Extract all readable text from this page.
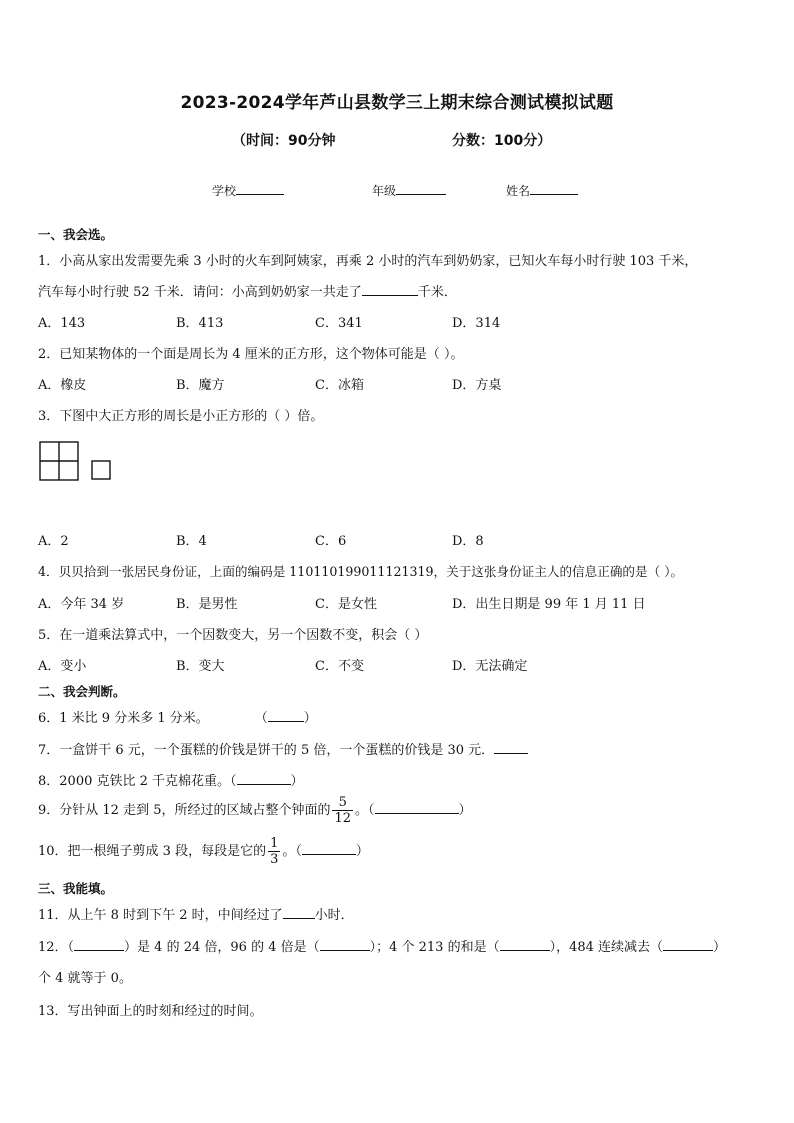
2023-2024学年芦山县数学三上期末综合测试模拟试题
（时间：90分钟	分数：100分）
学校	年级	姓名
一、我会选。
1．小高从家出发需要先乘 3 小时的火车到阿姨家，再乘 2 小时的汽车到奶奶家，已知火车每小时行驶 103 千米，
汽车每小时行驶 52 千米．请问：小高到奶奶家一共走了	千米．
A．143	B．413	C．341	D．314
2．已知某物体的一个面是周长为 4 厘米的正方形，这个物体可能是（ ）。
A．橡皮	B．魔方	C．冰箱	D．方桌
3．下图中大正方形的周长是小正方形的（ ）倍。
A．2	B．4	C．6	D．8
4．贝贝拾到一张居民身份证，上面的编码是 110110199011121319，关于这张身份证主人的信息正确的是（ ）。
A．今年 34 岁	B．是男性	C．是女性	D．出生日期是 99 年 1 月 11 日
5．在一道乘法算式中，一个因数变大，另一个因数不变，积会（ ）
A．变小	B．变大	C．不变	D．无法确定
二、我会判断。
6．1 米比 9 分米多 1 分米。	（	）
7．一盒饼干 6 元，一个蛋糕的价钱是饼干的 5 倍，一个蛋糕的价钱是 30 元．
8．2000 克铁比 2 千克棉花重。（	）
9．分针从 12 走到 5，所经过的区域占整个钟面的 $\frac{5}{12}$ 。（	）
10．把一根绳子剪成 3 段，每段是它的 $\frac{1}{3}$ 。（	）
三、我能填。
11．从上午 8 时到下午 2 时，中间经过了 小时．
12．（	）是 4 的 24 倍，96 的 4 倍是（	）；4 个 213 的和是（	），484 连续减去（	）
个 4 就等于 0。
13．写出钟面上的时刻和经过的时间。
